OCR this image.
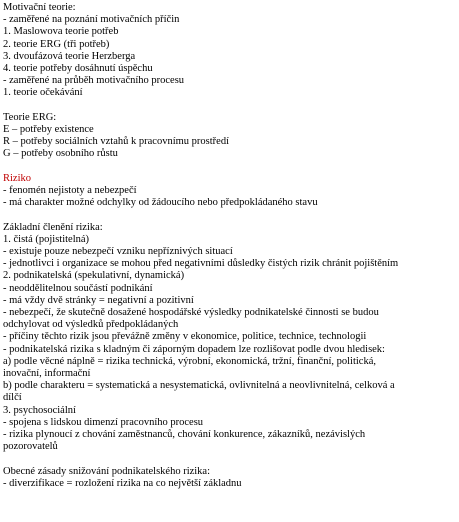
Motivační teorie:
- zaměřené na poznání motivačních příčin
1. Maslowova teorie potřeb
2. teorie ERG (tři potřeb)
3. dvoufázová teorie Herzberga
4. teorie potřeby dosáhnutí úspěchu
- zaměřené na průběh motivačního procesu
1. teorie očekávání
Teorie ERG:
E – potřeby existence
R – potřeby sociálních vztahů k pracovnímu prostředí
G – potřeby osobního růstu
Riziko
- fenomén nejistoty a nebezpečí
- má charakter možné odchylky od žádoucího nebo předpokládaného stavu
Základní členění rizika:
1. čistá (pojistitelná)
- existuje pouze nebezpečí vzniku nepříznivých situací
- jednotlivci i organizace se mohou před negativními důsledky čistých rizik chránit pojištěním
2. podnikatelská (spekulativní, dynamická)
- neoddělitelnou součástí podnikání
- má vždy dvě stránky = negativní a pozitivní
- nebezpečí, že skutečně dosažené hospodářské výsledky podnikatelské činnosti se budou
odchylovat od výsledků předpokládaných
- příčiny těchto rizik jsou převážně změny v ekonomice, politice, technice, technologii
- podnikatelská rizika s kladným či záporným dopadem lze rozlišovat podle dvou hledisek:
a) podle věcné náplně = rizika technická, výrobní, ekonomická, tržní, finanční, politická,
inovační, informační
b) podle charakteru = systematická a nesystematická, ovlivnitelná a neovlivnitelná, celková a
dílčí
3. psychosociální
- spojena s lidskou dimenzí pracovního procesu
- rizika plynoucí z chování zaměstnanců, chování konkurence, zákazníků, nezávislých
pozorovatelů
Obecné zásady snižování podnikatelského rizika:
- diverzifikace = rozložení rizika na co největší základnu
